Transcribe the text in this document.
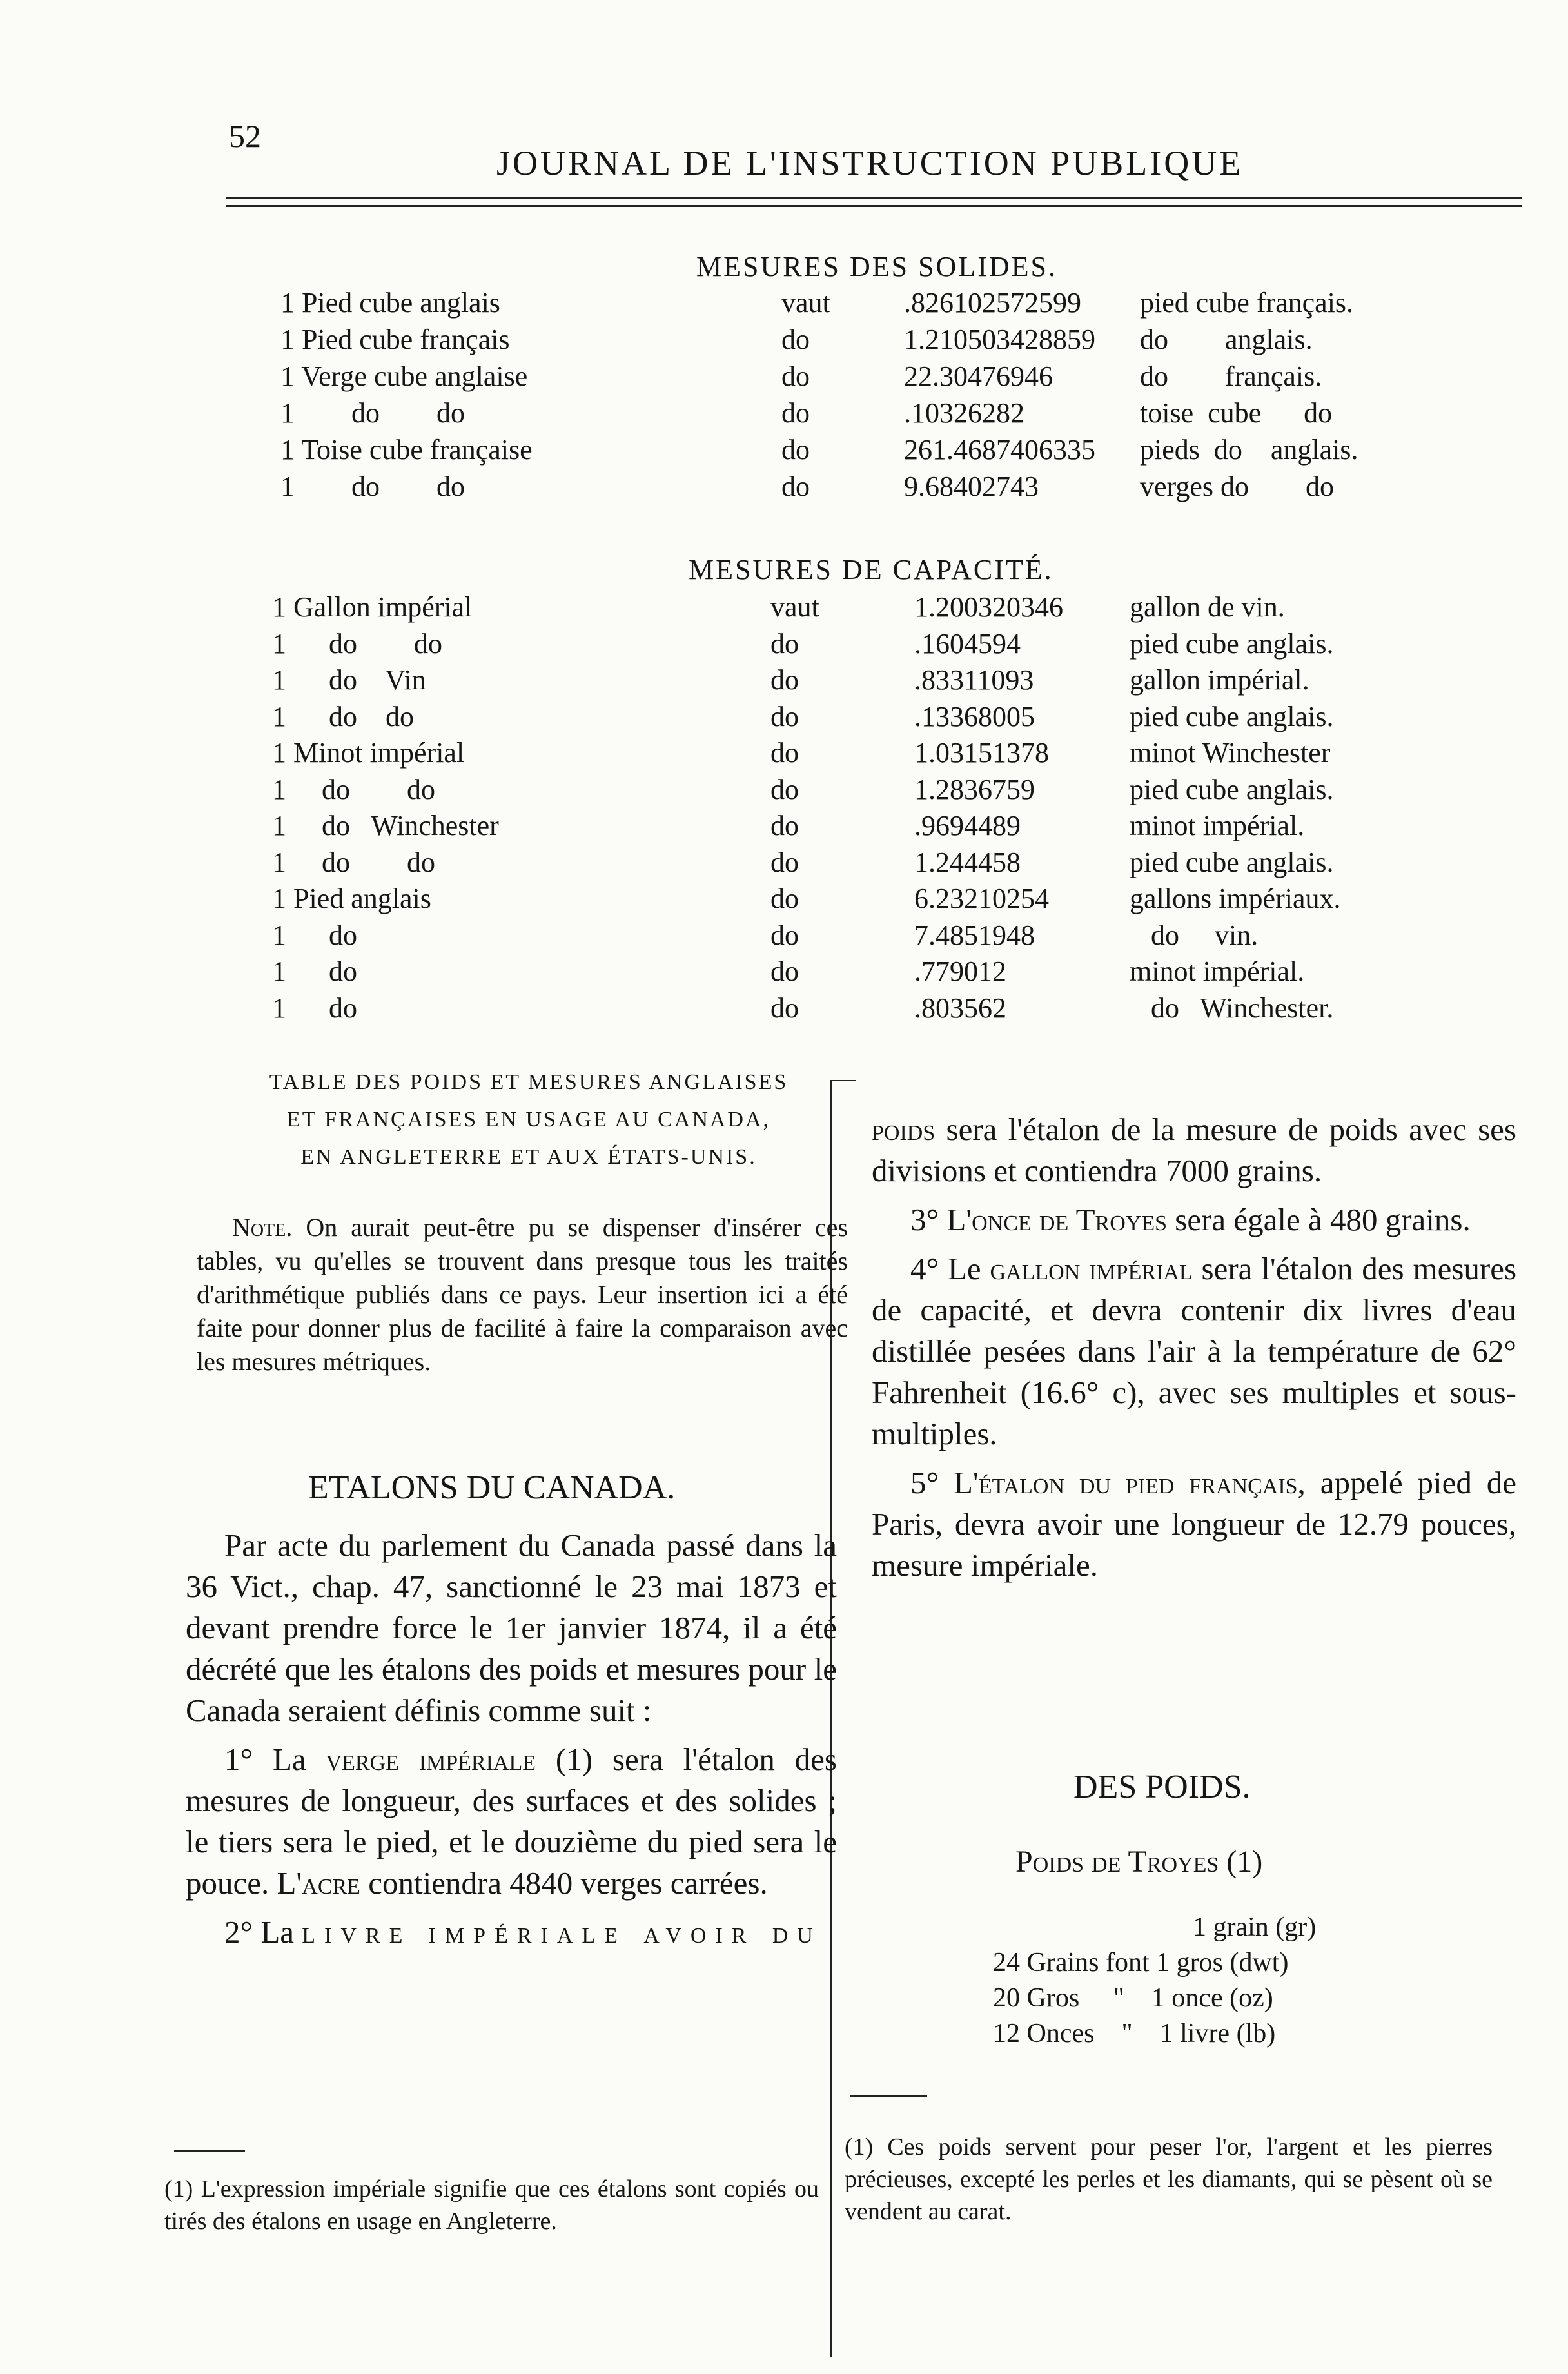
52
JOURNAL DE L'INSTRUCTION PUBLIQUE
MESURES DES SOLIDES.
1 Pied cube anglais	vaut	.826102572599 pied cube français.
1 Pied cube français	do	1.210503428859 do        anglais.
1 Verge cube anglaise	do	22.30476946	do        français.
1        do        do	do	.10326282	toise  cube      do
1 Toise cube française	do	261.4687406335 pieds  do    anglais.
1        do        do	do	9.68402743	verges do        do
MESURES DE CAPACITÉ.
1 Gallon impérial	vaut	1.200320346 gallon de vin.
1      do        do	do	.1604594	pied cube anglais.
1      do    Vin	do	.83311093	gallon impérial.
1      do    do	do	.13368005	pied cube anglais.
1 Minot impérial	do	1.03151378	minot Winchester
1     do        do	do	1.2836759	pied cube anglais.
1     do   Winchester	do	.9694489	minot impérial.
1     do        do	do	1.244458	pied cube anglais.
1 Pied anglais	do	6.23210254	gallons impériaux.
1      do	do	7.4851948	do     vin.
1      do	do	.779012	minot impérial.
1      do	do	.803562	do   Winchester.
TABLE DES POIDS ET MESURES ANGLAISES
ET FRANÇAISES EN USAGE AU CANADA,
EN ANGLETERRE ET AUX ÉTATS-UNIS.
Note. On aurait peut-être pu se dispenser d'insérer ces tables, vu qu'elles se trouvent dans presque tous les traités d'arithmétique publiés dans ce pays. Leur insertion ici a été faite pour donner plus de facilité à faire la comparaison avec les mesures métriques.
ETALONS DU CANADA.

Par acte du parlement du Canada passé dans la 36 Vict., chap. 47, sanctionné le 23 mai 1873 et devant prendre force le 1er janvier 1874, il a été décrété que les étalons des poids et mesures pour le Canada seraient définis comme suit :

1° La verge impériale (1) sera l'étalon des mesures de longueur, des surfaces et des solides ; le tiers sera le pied, et le douzième du pied sera le pouce. L'acre contiendra 4840 verges carrées.

2° La livre impériale avoir du

(1) L'expression impériale signifie que ces étalons sont copiés ou tirés des étalons en usage en Angleterre.

poids sera l'étalon de la mesure de poids avec ses divisions et contiendra 7000 grains.

3° L'once de Troyes sera égale à 480 grains.

4° Le gallon impérial sera l'étalon des mesures de capacité, et devra contenir dix livres d'eau distillée pesées dans l'air à la température de 62° Fahrenheit (16.6° c), avec ses multiples et sous-multiples.

5° L'étalon du pied français, appelé pied de Paris, devra avoir une longueur de 12.79 pouces, mesure impériale.

DES POIDS.
Poids de Troyes (1)
1 grain (gr)
24 Grains font 1 gros (dwt)
20 Gros     "    1 once (oz)
12 Onces    "    1 livre (lb)
(1) Ces poids servent pour peser l'or, l'argent et les pierres précieuses, excepté les perles et les diamants, qui se pèsent où se vendent au carat.
